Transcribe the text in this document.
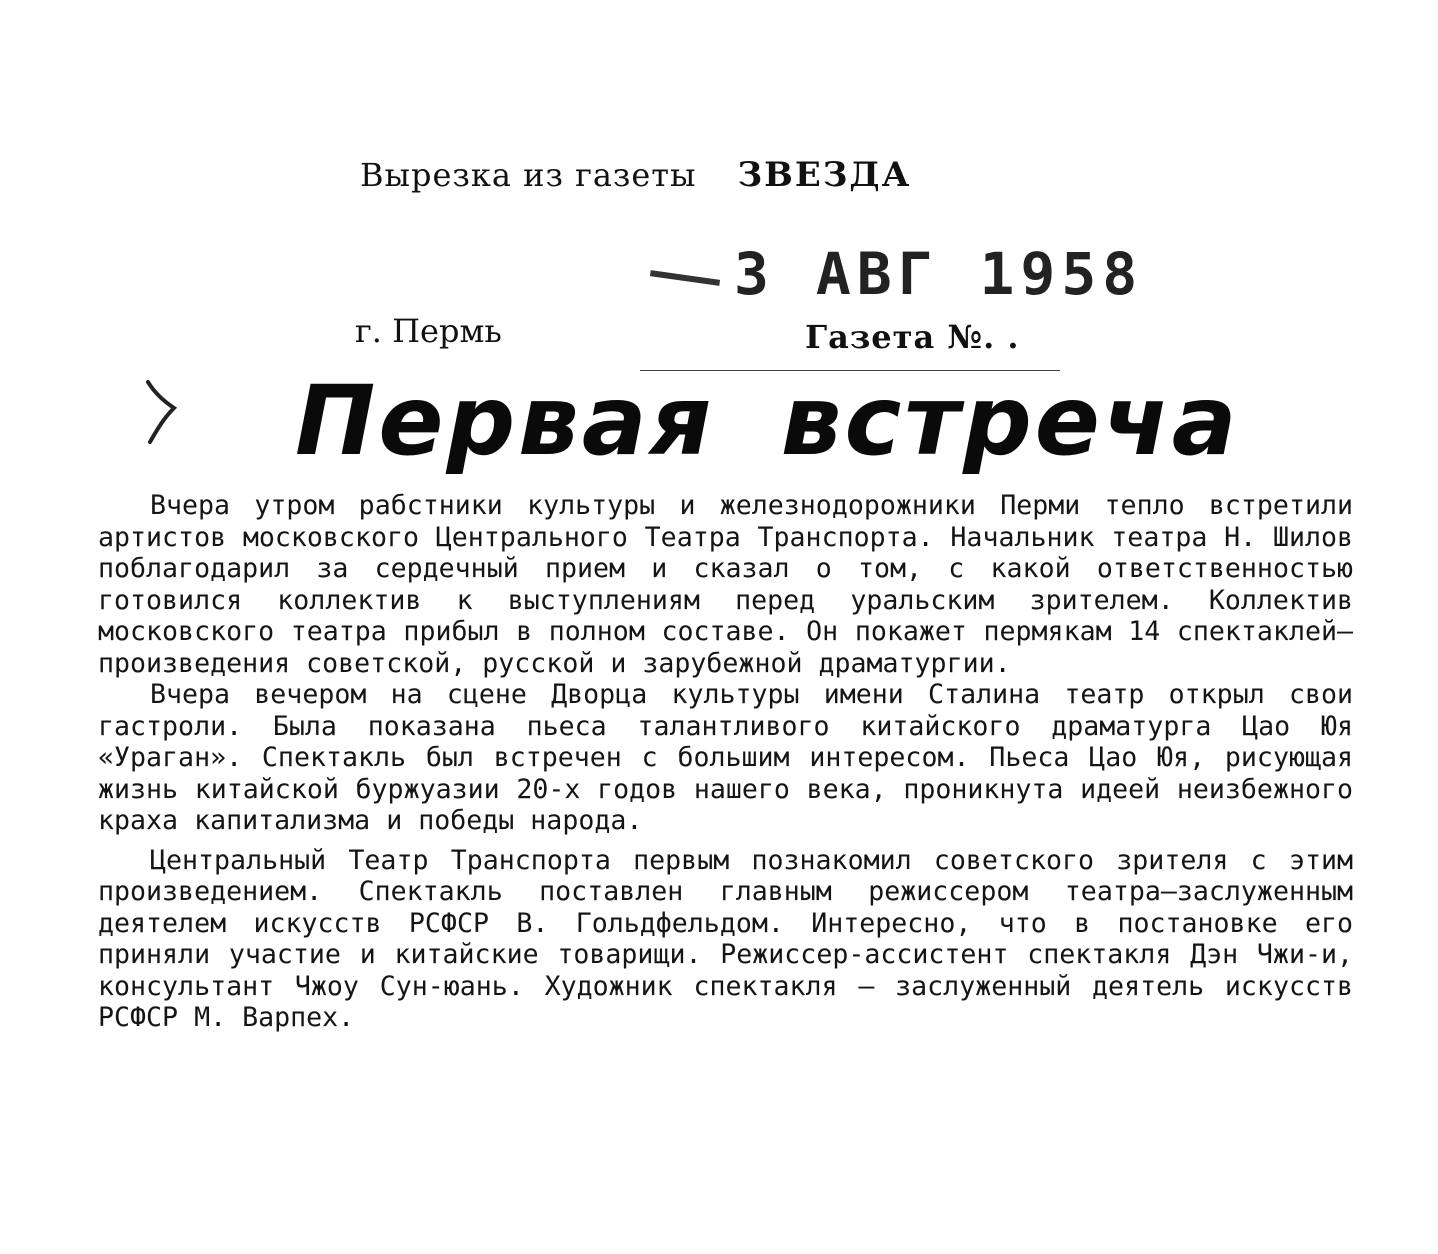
Вырезка из газеты ЗВЕЗДА
3 АВГ 1958
г. Пермь	Газета №. .
Первая встреча

Вчера утром рабстники культуры и железнодорожники Перми тепло встретили артистов московского Центрального Театра Транспорта. Начальник театра Н. Шилов поблагодарил за сердечный прием и сказал о том, с какой ответственностью готовился коллектив к выступлениям перед уральским зрителем. Коллектив московского театра прибыл в полном составе. Он покажет пермякам 14 спектаклей—произведения советской, русской и зарубежной драматургии.

Вчера вечером на сцене Дворца культуры имени Сталина театр открыл свои гастроли. Была показана пьеса талантливого китайского драматурга Цао Юя «Ураган». Спектакль был встречен с большим интересом. Пьеса Цао Юя, рисующая жизнь китайской буржуазии 20-х годов нашего века, проникнута идеей неизбежного краха капитализма и победы народа.

Центральный Театр Транспорта первым познакомил советского зрителя с этим произведением. Спектакль поставлен главным режиссером театра—заслуженным деятелем искусств РСФСР В. Гольдфельдом. Интересно, что в постановке его приняли участие и китайские товарищи. Режиссер-ассистент спектакля Дэн Чжи-и, консультант Чжоу Сун-юань. Художник спектакля — заслуженный деятель искусств РСФСР М. Варпех.
